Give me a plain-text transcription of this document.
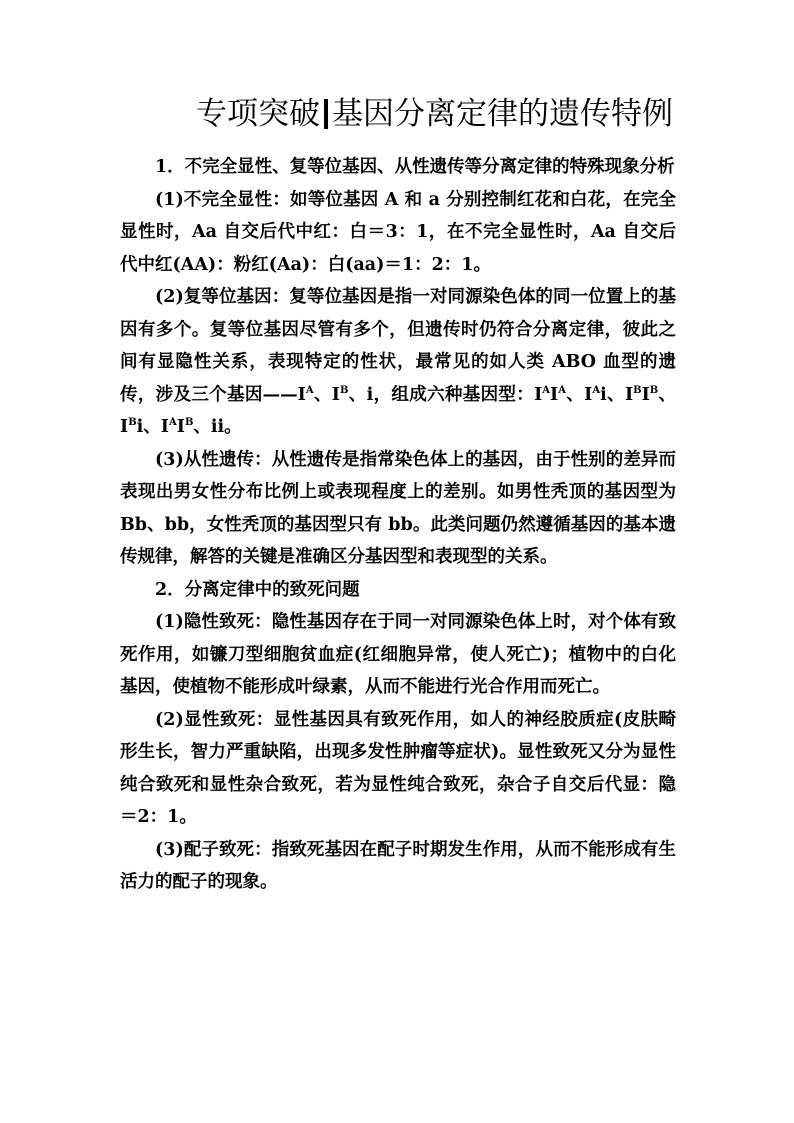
专项突破 基因分离定律的遗传特例

1．不完全显性、复等位基因、从性遗传等分离定律的特殊现象分析

(1)不完全显性：如等位基因 A 和 a 分别控制红花和白花，在完全显性时，Aa 自交后代中红：白＝3：1，在不完全显性时，Aa 自交后代中红(AA)：粉红(Aa)：白(aa)＝1：2：1。

(2)复等位基因：复等位基因是指一对同源染色体的同一位置上的基因有多个。复等位基因尽管有多个，但遗传时仍符合分离定律，彼此之间有显隐性关系，表现特定的性状，最常见的如人类 ABO 血型的遗传，涉及三个基因$——I^A$、$I^B$、i，组成六种基因型：$I^AI^A$、$I^Ai$、$I^BI^B$、$I^Bi$、$I^AI^B$、ii。

(3)从性遗传：从性遗传是指常染色体上的基因，由于性别的差异而表现出男女性分布比例上或表现程度上的差别。如男性秃顶的基因型为 Bb、bb，女性秃顶的基因型只有 bb。此类问题仍然遵循基因的基本遗传规律，解答的关键是准确区分基因型和表现型的关系。

2．分离定律中的致死问题

(1)隐性致死：隐性基因存在于同一对同源染色体上时，对个体有致死作用，如镰刀型细胞贫血症(红细胞异常，使人死亡)；植物中的白化基因，使植物不能形成叶绿素，从而不能进行光合作用而死亡。

(2)显性致死：显性基因具有致死作用，如人的神经胶质症(皮肤畸形生长，智力严重缺陷，出现多发性肿瘤等症状)。显性致死又分为显性纯合致死和显性杂合致死，若为显性纯合致死，杂合子自交后代显：隐＝2：1。

(3)配子致死：指致死基因在配子时期发生作用，从而不能形成有生活力的配子的现象。
